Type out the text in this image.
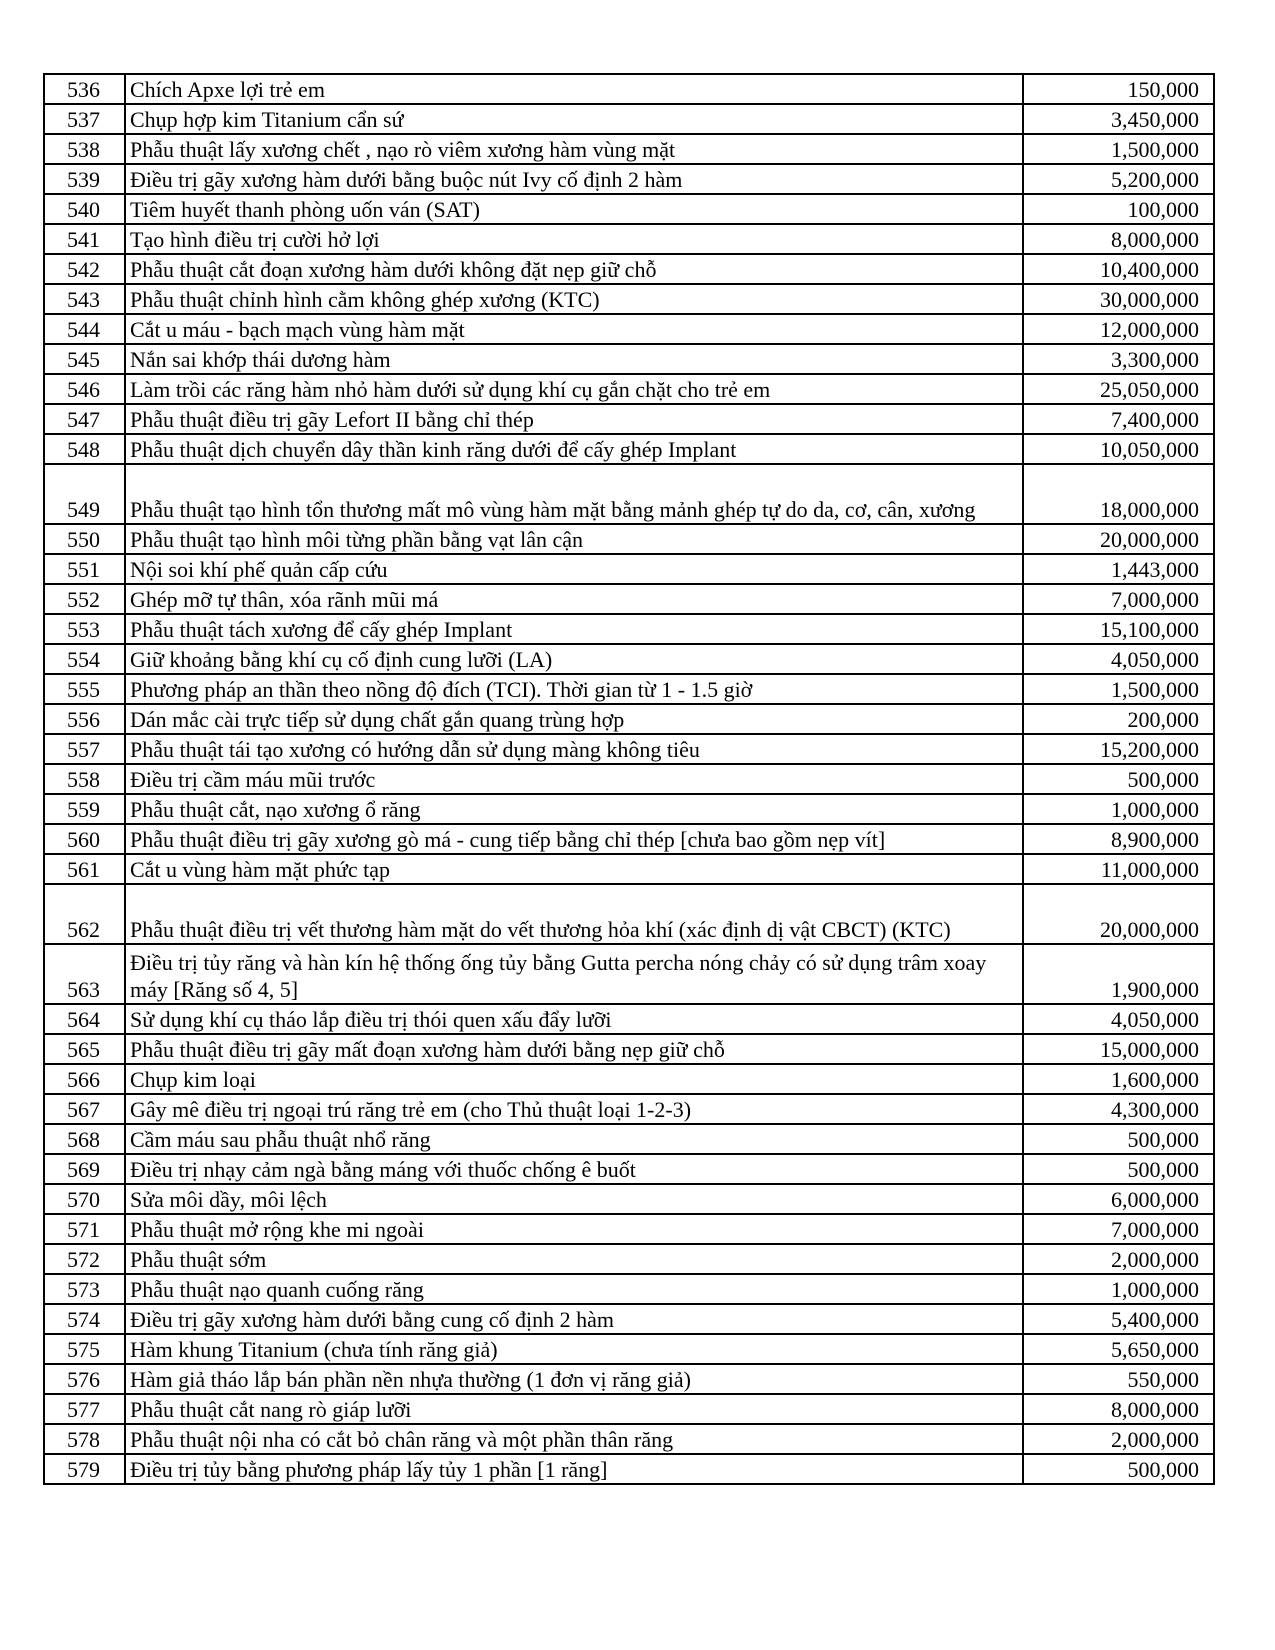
536	Chích Apxe lợi trẻ em	150,000
537	Chụp hợp kim Titanium cẩn sứ	3,450,000
538	Phẫu thuật lấy xương chết , nạo rò viêm xương hàm vùng mặt	1,500,000
539	Điều trị gãy xương hàm dưới bằng buộc nút Ivy cố định 2 hàm	5,200,000
540	Tiêm huyết thanh phòng uốn ván (SAT)	100,000
541	Tạo hình điều trị cười hở lợi	8,000,000
542	Phẫu thuật cắt đoạn xương hàm dưới không đặt nẹp giữ chỗ	10,400,000
543	Phẫu thuật chỉnh hình cằm không ghép xương (KTC)	30,000,000
544	Cắt u máu - bạch mạch vùng hàm mặt	12,000,000
545	Nắn sai khớp thái dương hàm	3,300,000
546	Làm trồi các răng hàm nhỏ hàm dưới sử dụng khí cụ gắn chặt cho trẻ em	25,050,000
547	Phẫu thuật điều trị gãy Lefort II bằng chỉ thép	7,400,000
548	Phẫu thuật dịch chuyển dây thần kinh răng dưới để cấy ghép Implant	10,050,000
549	Phẫu thuật tạo hình tổn thương mất mô vùng hàm mặt bằng mảnh ghép tự do da, cơ, cân, xương	18,000,000
550	Phẫu thuật tạo hình môi từng phần bằng vạt lân cận	20,000,000
551	Nội soi khí phế quản cấp cứu	1,443,000
552	Ghép mỡ tự thân, xóa rãnh mũi má	7,000,000
553	Phẫu thuật tách xương để cấy ghép Implant	15,100,000
554	Giữ khoảng bằng khí cụ cố định cung lưỡi (LA)	4,050,000
555	Phương pháp an thần theo nồng độ đích (TCI). Thời gian từ 1 - 1.5 giờ	1,500,000
556	Dán mắc cài trực tiếp sử dụng chất gắn quang trùng hợp	200,000
557	Phẫu thuật tái tạo xương có hướng dẫn sử dụng màng không tiêu	15,200,000
558	Điều trị cầm máu mũi trước	500,000
559	Phẫu thuật cắt, nạo xương ổ răng	1,000,000
560	Phẫu thuật điều trị gãy xương gò má - cung tiếp bằng chỉ thép [chưa bao gồm nẹp vít]	8,900,000
561	Cắt u vùng hàm mặt phức tạp	11,000,000
562	Phẫu thuật điều trị vết thương hàm mặt do vết thương hỏa khí (xác định dị vật CBCT) (KTC)	20,000,000
563	Điều trị tủy răng và hàn kín hệ thống ống tủy bằng Gutta percha nóng chảy có sử dụng trâm xoay máy [Răng số 4, 5]	1,900,000
564	Sử dụng khí cụ tháo lắp điều trị thói quen xấu đẩy lưỡi	4,050,000
565	Phẫu thuật điều trị gãy mất đoạn xương hàm dưới bằng nẹp giữ chỗ	15,000,000
566	Chụp kim loại	1,600,000
567	Gây mê điều trị ngoại trú răng trẻ em (cho Thủ thuật loại 1-2-3)	4,300,000
568	Cầm máu sau phẫu thuật nhổ răng	500,000
569	Điều trị nhạy cảm ngà bằng máng với thuốc chống ê buốt	500,000
570	Sửa môi dầy, môi lệch	6,000,000
571	Phẫu thuật mở rộng khe mi ngoài	7,000,000
572	Phẫu thuật sớm	2,000,000
573	Phẫu thuật nạo quanh cuống răng	1,000,000
574	Điều trị gãy xương hàm dưới bằng cung cố định 2 hàm	5,400,000
575	Hàm khung Titanium (chưa tính răng giả)	5,650,000
576	Hàm giả tháo lắp bán phần nền nhựa thường (1 đơn vị răng giả)	550,000
577	Phẫu thuật cắt nang rò giáp lưỡi	8,000,000
578	Phẫu thuật nội nha có cắt bỏ chân răng và một phần thân răng	2,000,000
579	Điều trị tủy bằng phương pháp lấy tủy 1 phần [1 răng]	500,000
